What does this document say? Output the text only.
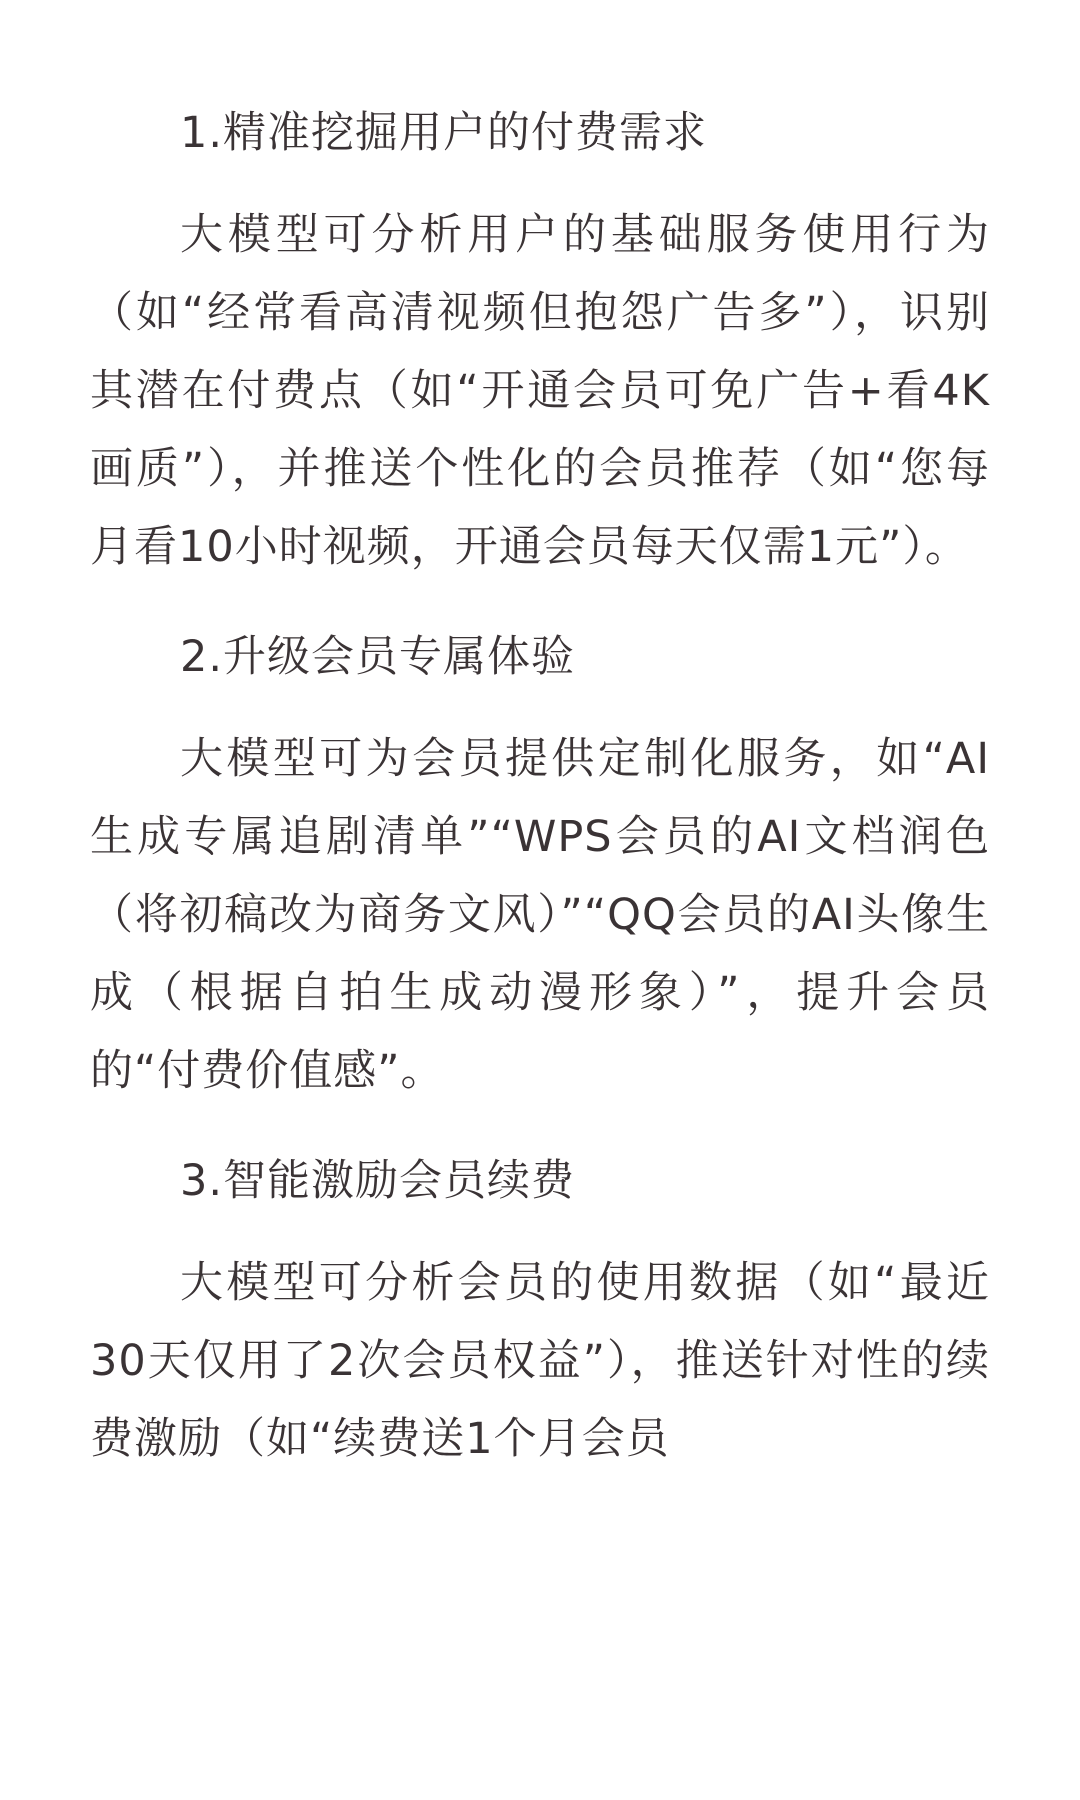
1.精准挖掘用户的付费需求

大模型可分析用户的基础服务使用行为（如“经常看高清视频但抱怨广告多”），识别其潜在付费点（如“开通会员可免广告+看4K画质”），并推送个性化的会员推荐（如“您每月看10小时视频，开通会员每天仅需1元”）。

2.升级会员专属体验

大模型可为会员提供定制化服务，如“AI生成专属追剧清单”“WPS会员的AI文档润色（将初稿改为商务文风）”“QQ会员的AI头像生成（根据自拍生成动漫形象）”，提升会员的“付费价值感”。

3.智能激励会员续费

大模型可分析会员的使用数据（如“最近30天仅用了2次会员权益”），推送针对性的续费激励（如“续费送1个月会员
